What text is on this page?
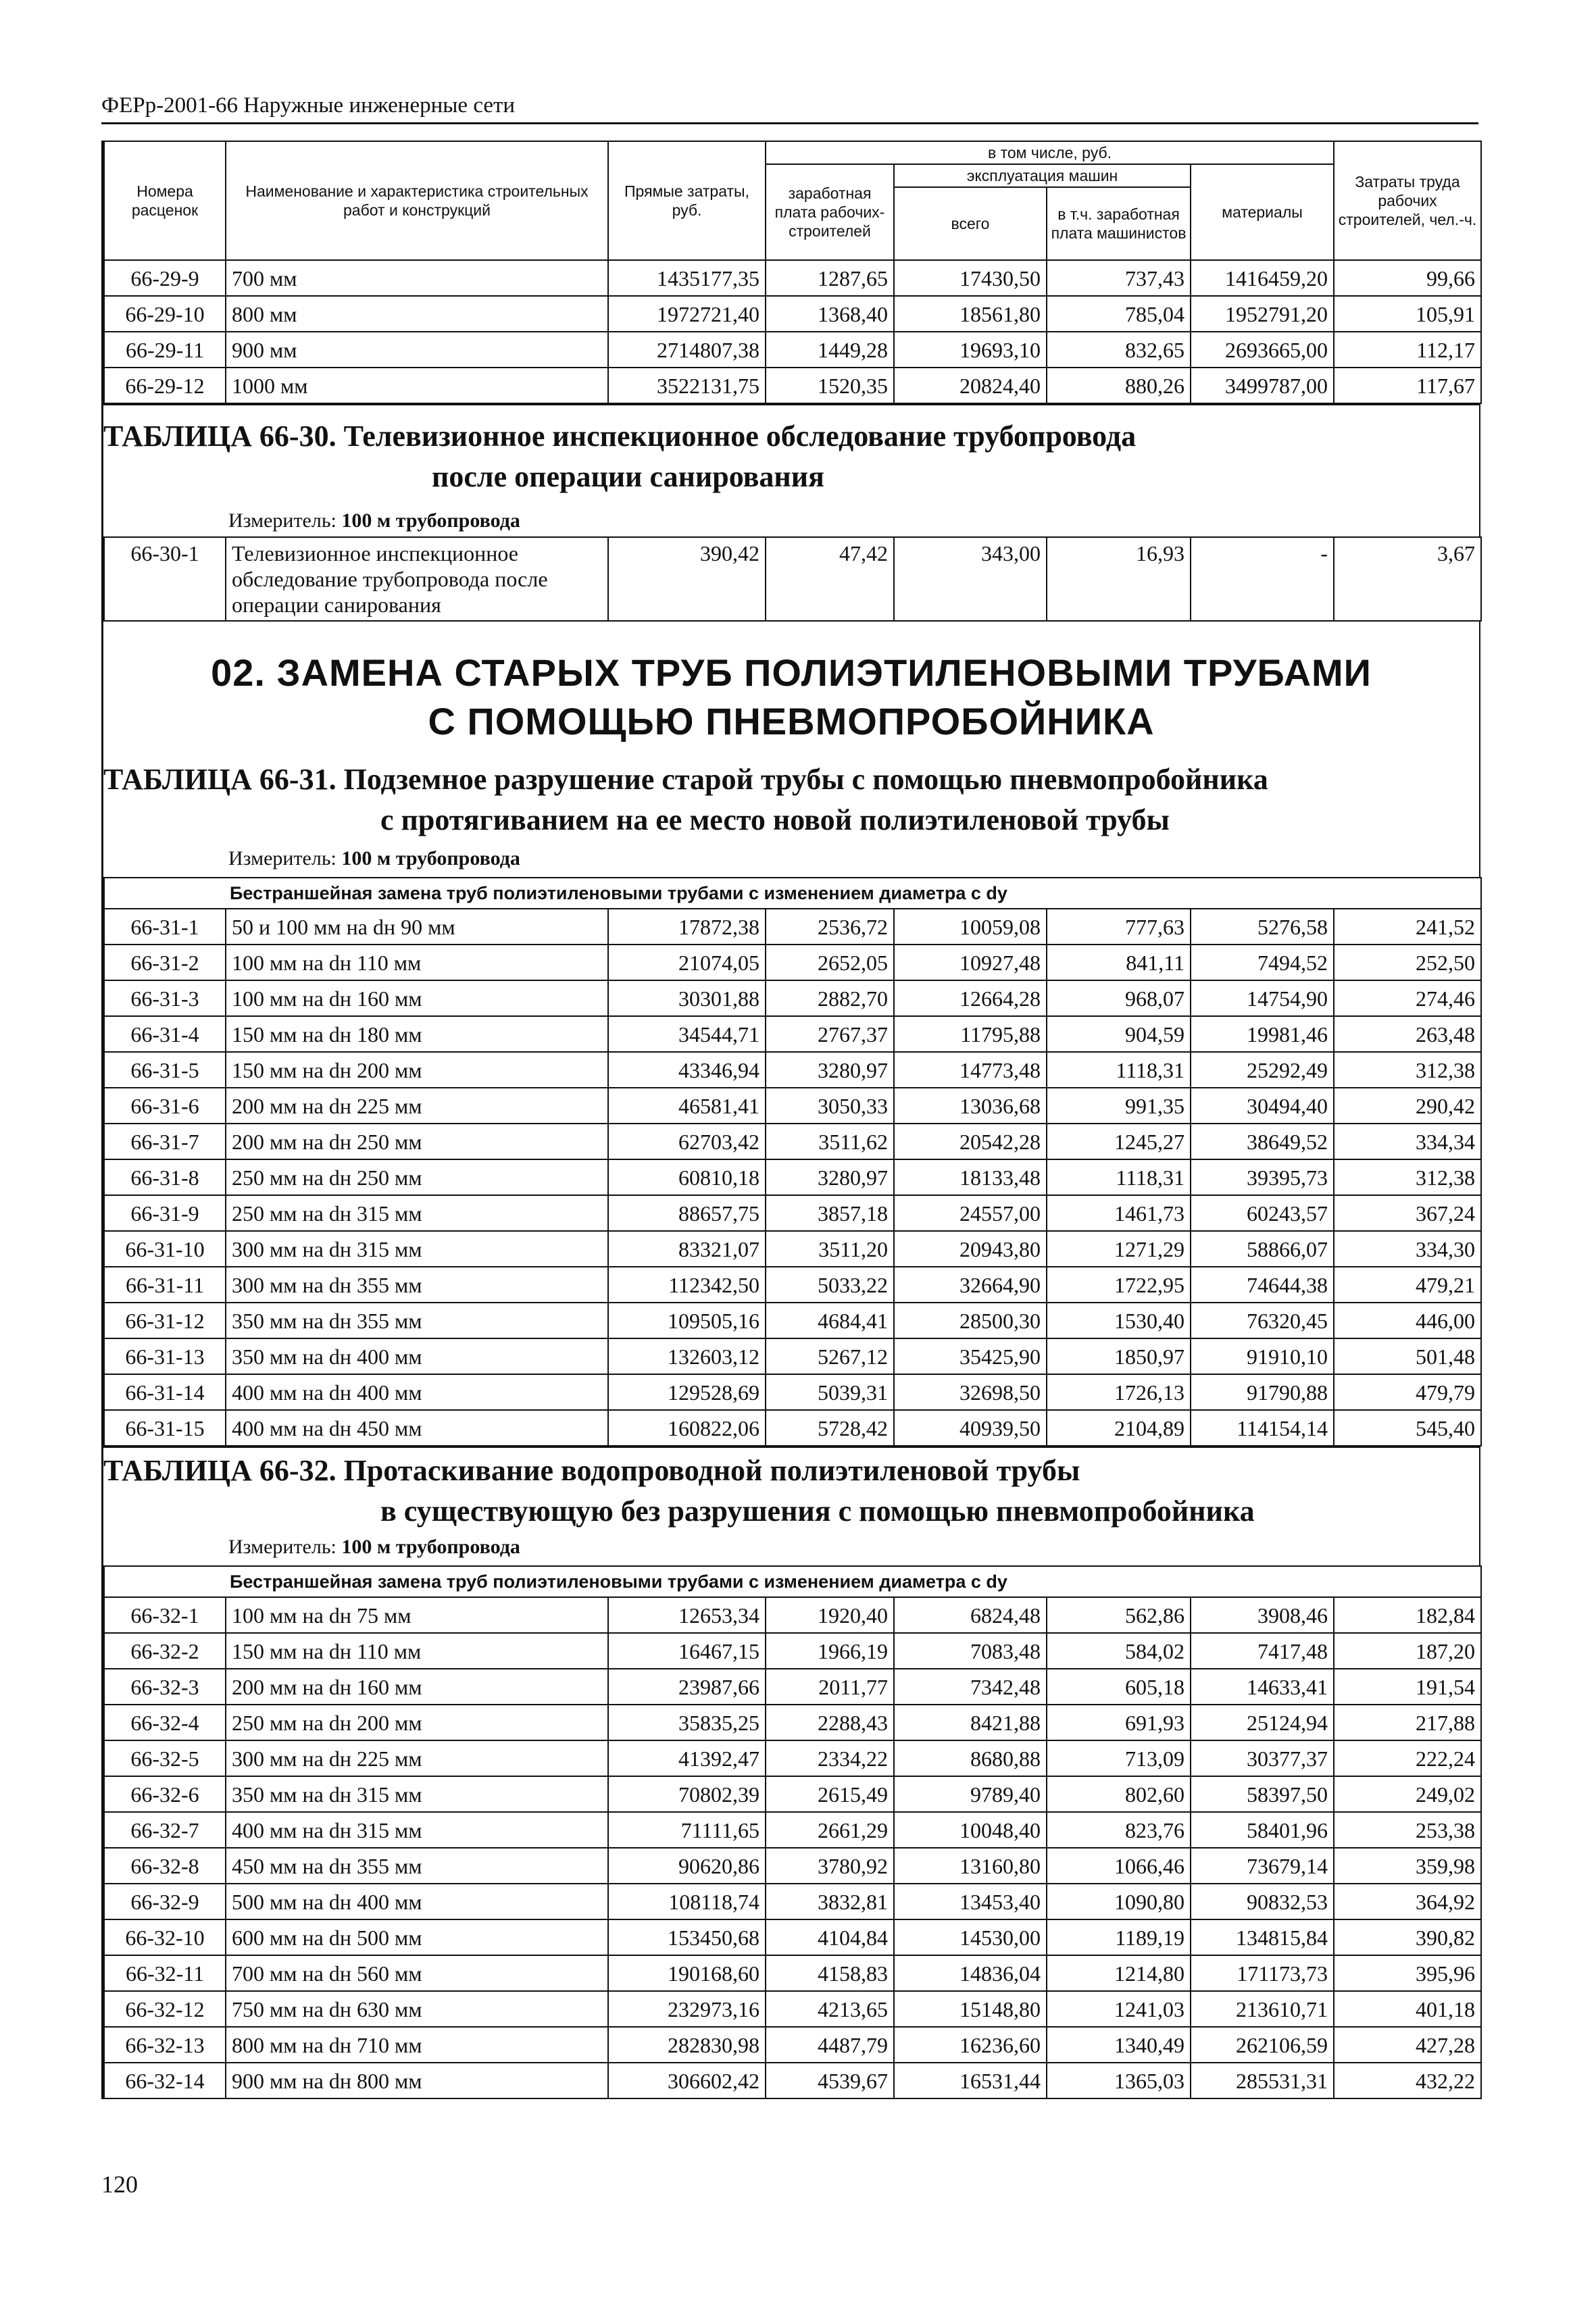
ФЕРр-2001-66 Наружные инженерные сети
Номера расценок	Наименование и характеристика строительных работ и конструкций	Прямые затраты, руб.	в том числе, руб.				Затраты труда рабочих строителей, чел.-ч.
			заработная плата рабочих-строителей	эксплуатация машин		материалы	
				всего	в т.ч. заработная плата машинистов		
66-29-9	700 мм	1435177,35	1287,65	17430,50	737,43	1416459,20	99,66
66-29-10	800 мм	1972721,40	1368,40	18561,80	785,04	1952791,20	105,91
66-29-11	900 мм	2714807,38	1449,28	19693,10	832,65	2693665,00	112,17
66-29-12	1000 мм	3522131,75	1520,35	20824,40	880,26	3499787,00	117,67
ТАБЛИЦА 66-30. Телевизионное инспекционное обследование трубопровода
после операции санирования
Измеритель: 100 м трубопровода
66-30-1	Телевизионное инспекционное обследование трубопровода после операции санирования	390,42	47,42	343,00	16,93	-	3,67
02. ЗАМЕНА СТАРЫХ ТРУБ ПОЛИЭТИЛЕНОВЫМИ ТРУБАМИ
С ПОМОЩЬЮ ПНЕВМОПРОБОЙНИКА
ТАБЛИЦА 66-31. Подземное разрушение старой трубы с помощью пневмопробойника
с протягиванием на ее место новой полиэтиленовой трубы
Измеритель: 100 м трубопровода
Бестраншейная замена труб полиэтиленовыми трубами с изменением диаметра с dy							
66-31-1	50 и 100 мм на dн 90 мм	17872,38	2536,72	10059,08	777,63	5276,58	241,52
66-31-2	100 мм на dн 110 мм	21074,05	2652,05	10927,48	841,11	7494,52	252,50
66-31-3	100 мм на dн 160 мм	30301,88	2882,70	12664,28	968,07	14754,90	274,46
66-31-4	150 мм на dн 180 мм	34544,71	2767,37	11795,88	904,59	19981,46	263,48
66-31-5	150 мм на dн 200 мм	43346,94	3280,97	14773,48	1118,31	25292,49	312,38
66-31-6	200 мм на dн 225 мм	46581,41	3050,33	13036,68	991,35	30494,40	290,42
66-31-7	200 мм на dн 250 мм	62703,42	3511,62	20542,28	1245,27	38649,52	334,34
66-31-8	250 мм на dн 250 мм	60810,18	3280,97	18133,48	1118,31	39395,73	312,38
66-31-9	250 мм на dн 315 мм	88657,75	3857,18	24557,00	1461,73	60243,57	367,24
66-31-10	300 мм на dн 315 мм	83321,07	3511,20	20943,80	1271,29	58866,07	334,30
66-31-11	300 мм на dн 355 мм	112342,50	5033,22	32664,90	1722,95	74644,38	479,21
66-31-12	350 мм на dн 355 мм	109505,16	4684,41	28500,30	1530,40	76320,45	446,00
66-31-13	350 мм на dн 400 мм	132603,12	5267,12	35425,90	1850,97	91910,10	501,48
66-31-14	400 мм на dн 400 мм	129528,69	5039,31	32698,50	1726,13	91790,88	479,79
66-31-15	400 мм на dн 450 мм	160822,06	5728,42	40939,50	2104,89	114154,14	545,40
ТАБЛИЦА 66-32. Протаскивание водопроводной полиэтиленовой трубы
в существующую без разрушения с помощью пневмопробойника
Измеритель: 100 м трубопровода
Бестраншейная замена труб полиэтиленовыми трубами с изменением диаметра с dy							
66-32-1	100 мм на dн 75 мм	12653,34	1920,40	6824,48	562,86	3908,46	182,84
66-32-2	150 мм на dн 110 мм	16467,15	1966,19	7083,48	584,02	7417,48	187,20
66-32-3	200 мм на dн 160 мм	23987,66	2011,77	7342,48	605,18	14633,41	191,54
66-32-4	250 мм на dн 200 мм	35835,25	2288,43	8421,88	691,93	25124,94	217,88
66-32-5	300 мм на dн 225 мм	41392,47	2334,22	8680,88	713,09	30377,37	222,24
66-32-6	350 мм на dн 315 мм	70802,39	2615,49	9789,40	802,60	58397,50	249,02
66-32-7	400 мм на dн 315 мм	71111,65	2661,29	10048,40	823,76	58401,96	253,38
66-32-8	450 мм на dн 355 мм	90620,86	3780,92	13160,80	1066,46	73679,14	359,98
66-32-9	500 мм на dн 400 мм	108118,74	3832,81	13453,40	1090,80	90832,53	364,92
66-32-10	600 мм на dн 500 мм	153450,68	4104,84	14530,00	1189,19	134815,84	390,82
66-32-11	700 мм на dн 560 мм	190168,60	4158,83	14836,04	1214,80	171173,73	395,96
66-32-12	750 мм на dн 630 мм	232973,16	4213,65	15148,80	1241,03	213610,71	401,18
66-32-13	800 мм на dн 710 мм	282830,98	4487,79	16236,60	1340,49	262106,59	427,28
66-32-14	900 мм на dн 800 мм	306602,42	4539,67	16531,44	1365,03	285531,31	432,22
120
